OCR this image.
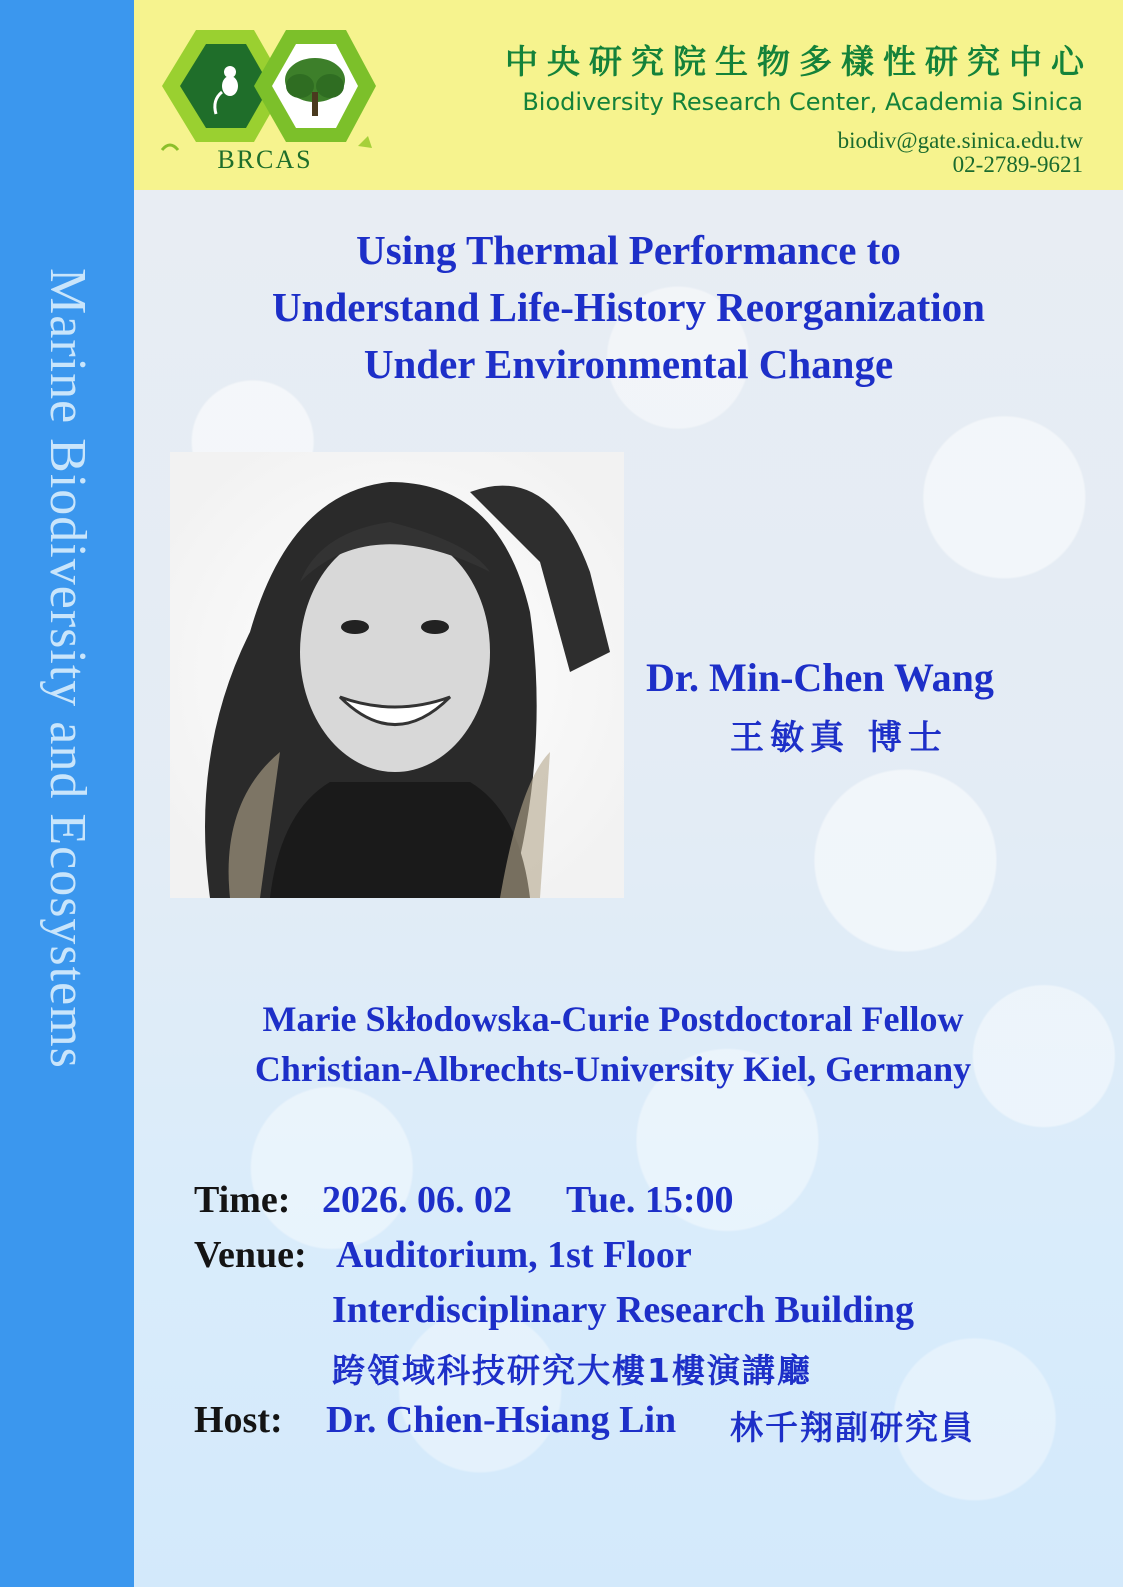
Marine Biodiversity and Ecosystems
BRCAS
中央研究院生物多樣性研究中心
Biodiversity Research Center, Academia Sinica
biodiv@gate.sinica.edu.tw
02-2789-9621
Using Thermal Performance to
Understand Life-History Reorganization
Under Environmental Change
Dr. Min-Chen Wang
王敏真 博士
Marie Skłodowska-Curie Postdoctoral Fellow
Christian-Albrechts-University Kiel, Germany
Time: 2026. 06. 02 Tue. 15:00
Venue: Auditorium, 1st Floor
Interdisciplinary Research Building
跨領域科技研究大樓1樓演講廳
Host: Dr. Chien-Hsiang Lin 林千翔副研究員
